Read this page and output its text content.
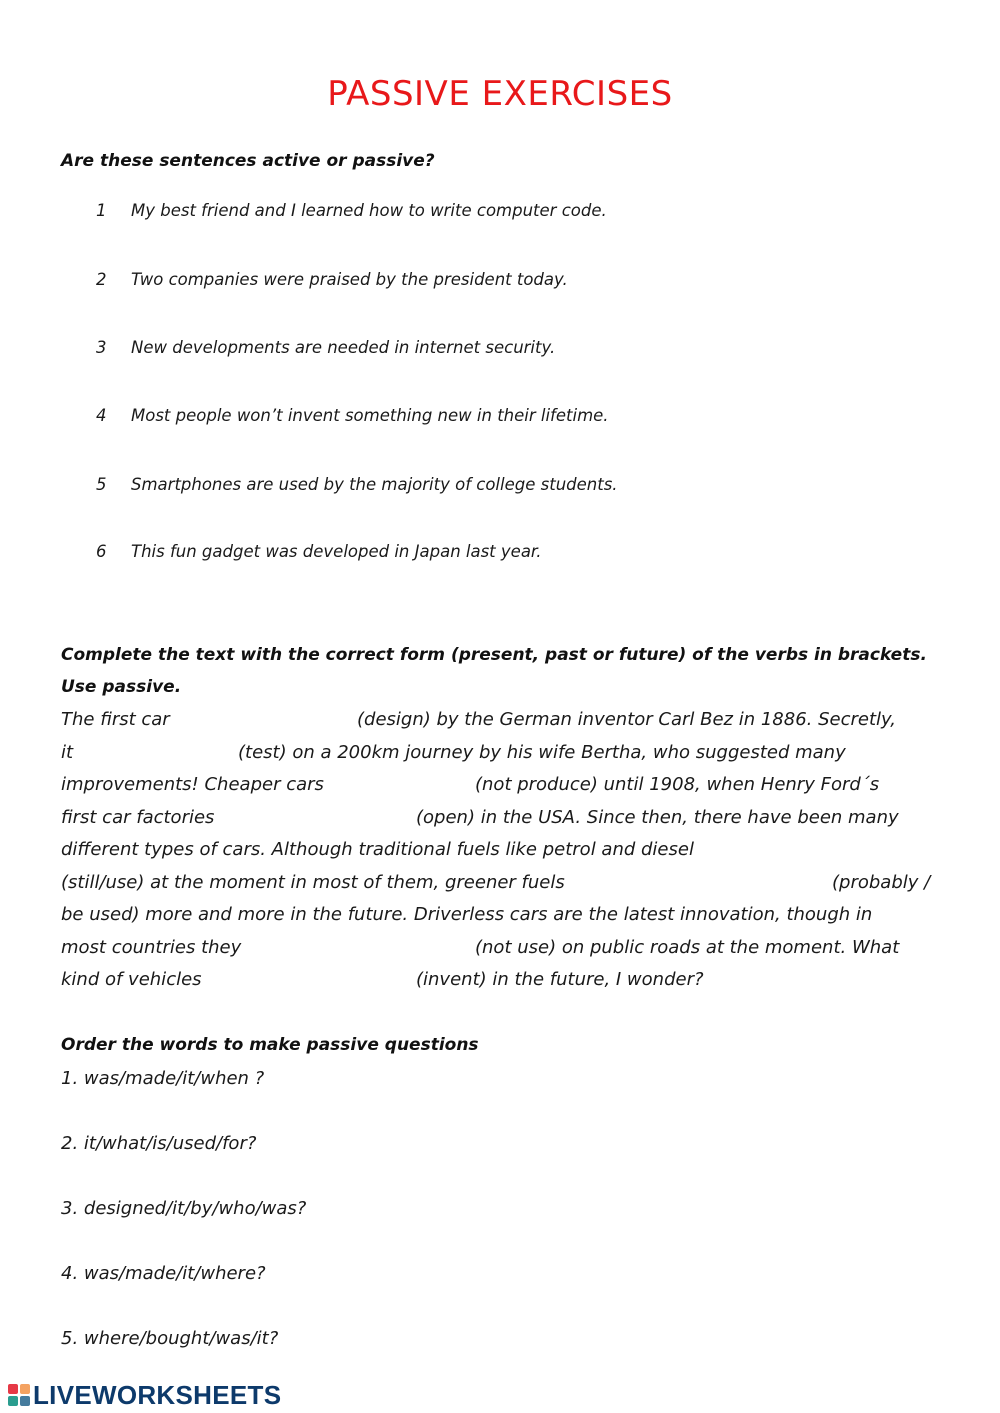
PASSIVE EXERCISES

Are these sentences active or passive?

1 My best friend and I learned how to write computer code.
2 Two companies were praised by the president today.
3 New developments are needed in internet security.
4 Most people won’t invent something new in their lifetime.
5 Smartphones are used by the majority of college students.
6 This fun gadget was developed in Japan last year.

Complete the text with the correct form (present, past or future) of the verbs in brackets.

Use passive.

The first car	(design) by the German inventor Carl Bez in 1886. Secretly,
it	(test) on a 200km journey by his wife Bertha, who suggested many
improvements! Cheaper cars	(not produce) until 1908, when Henry Ford´s
first car factories	(open) in the USA. Since then, there have been many
different types of cars. Although traditional fuels like petrol and diesel
(still/use) at the moment in most of them, greener fuels	(probably /
be used) more and more in the future. Driverless cars are the latest innovation, though in
most countries they	(not use) on public roads at the moment. What
kind of vehicles	(invent) in the future, I wonder?

Order the words to make passive questions

1. was/made/it/when ?
2. it/what/is/used/for?
3. designed/it/by/who/was?
4. was/made/it/where?
5. where/bought/was/it?
LIVEWORKSHEETS
